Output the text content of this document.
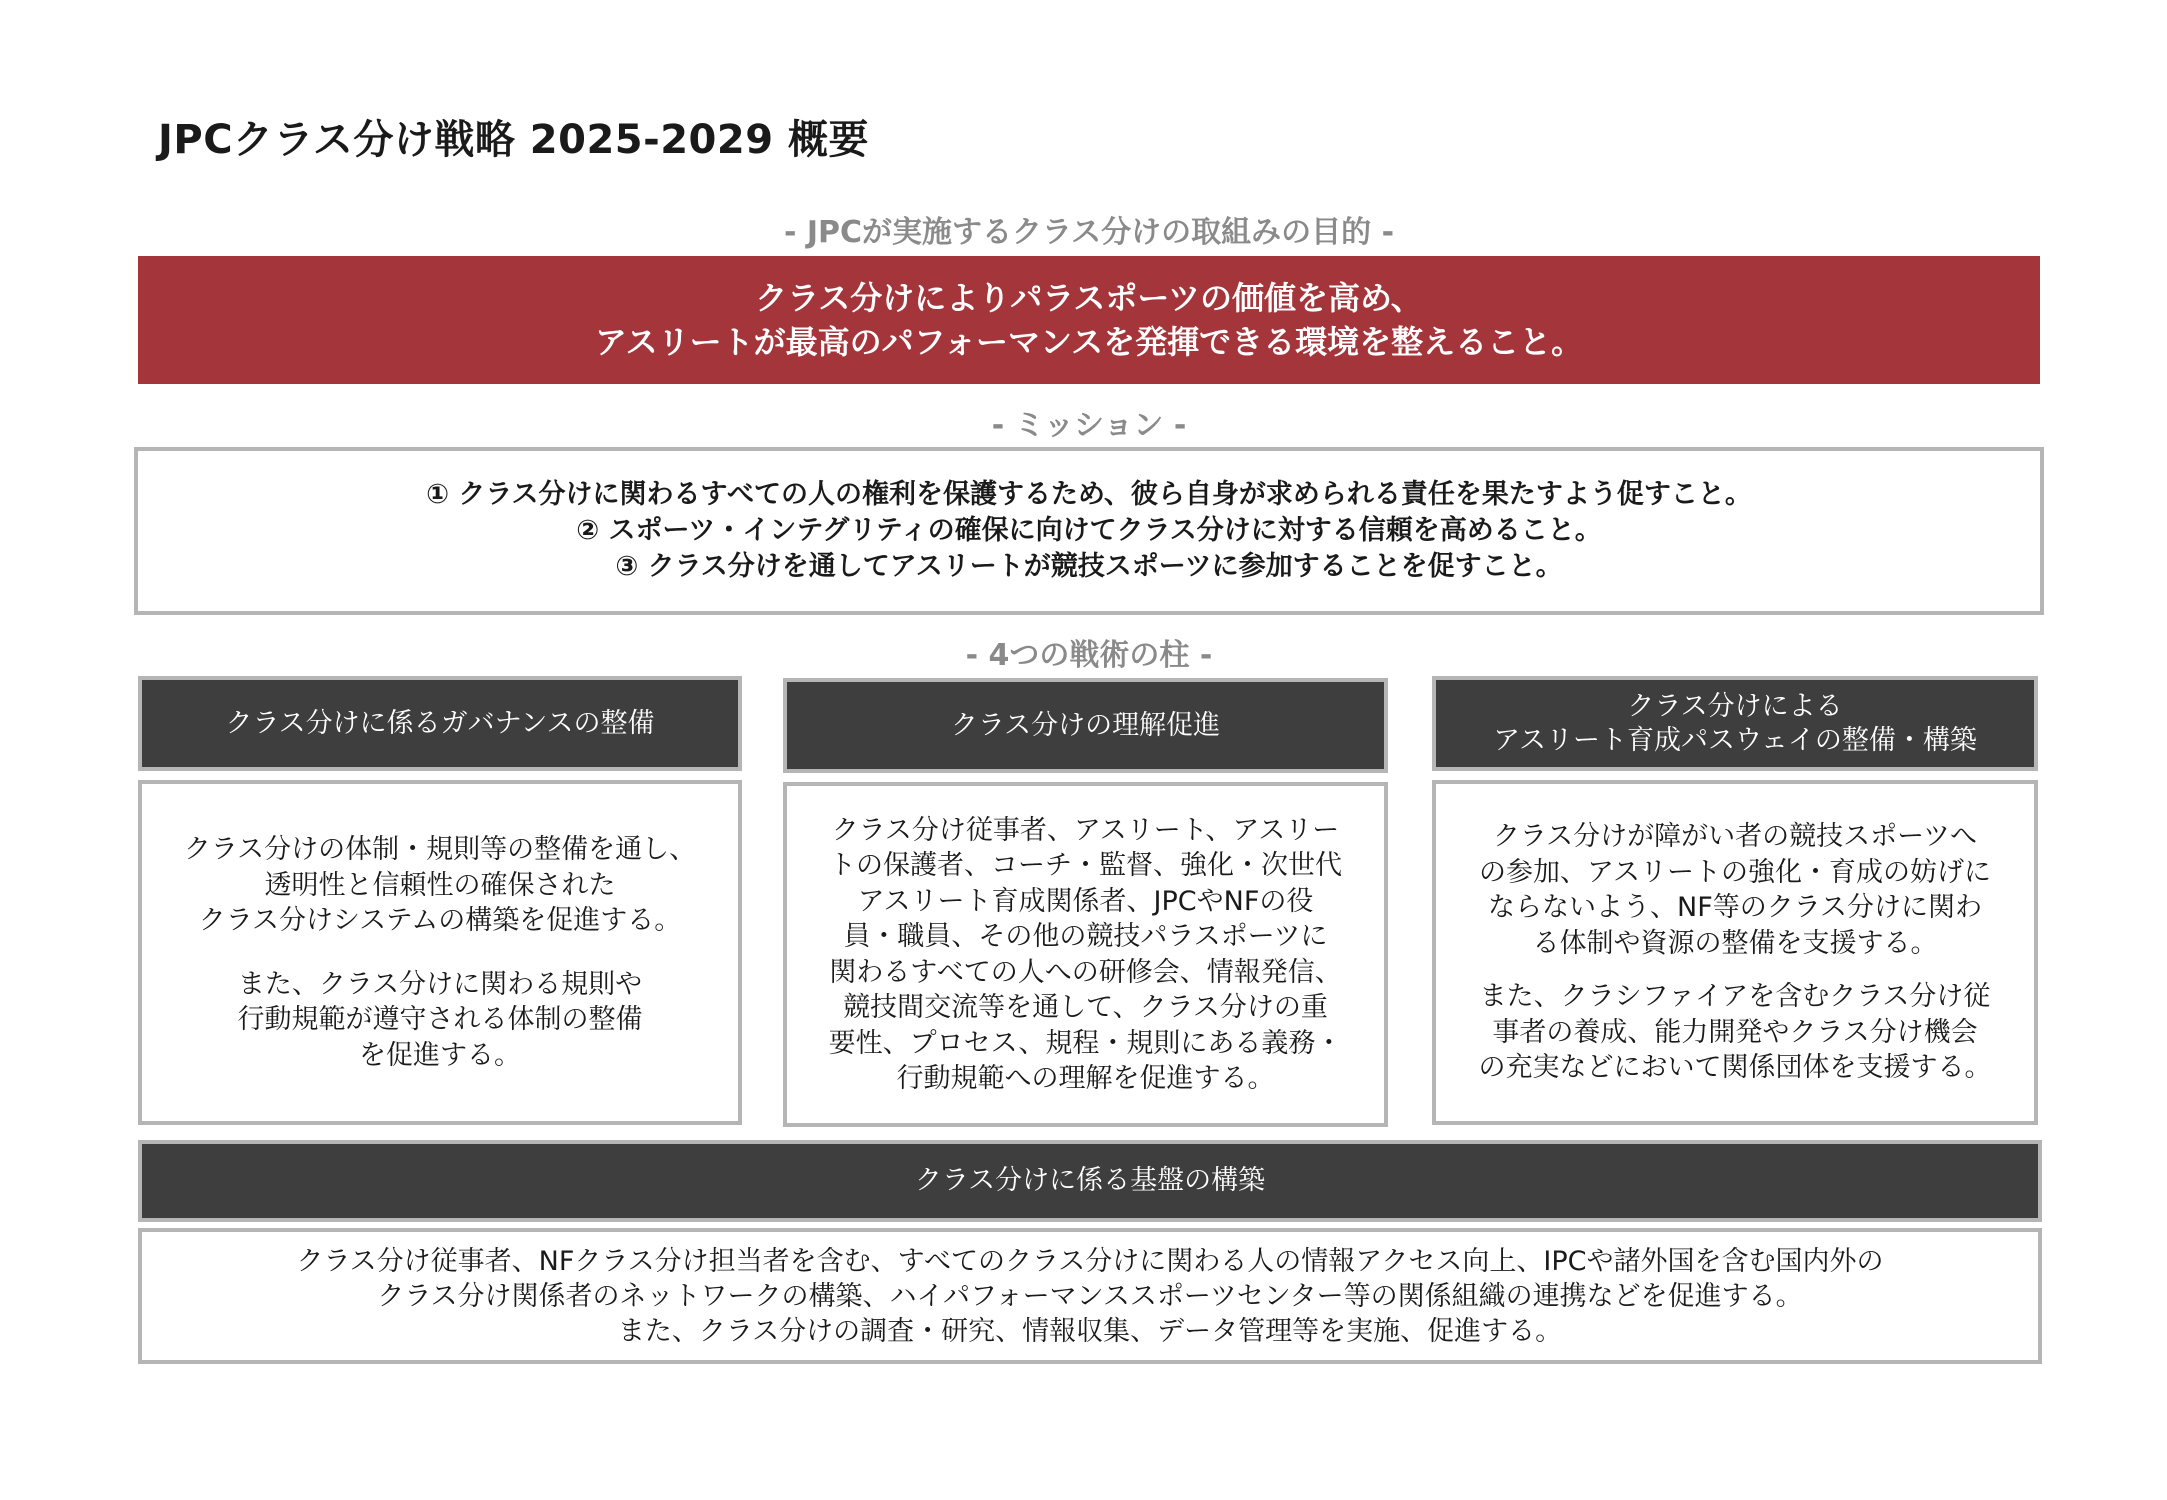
JPCクラス分け戦略 2025-2029 概要
- JPCが実施するクラス分けの取組みの目的 -
クラス分けによりパラスポーツの価値を高め、
アスリートが最高のパフォーマンスを発揮できる環境を整えること。
- ミッション -
① クラス分けに関わるすべての人の権利を保護するため、彼ら自身が求められる責任を果たすよう促すこと。
② スポーツ・インテグリティの確保に向けてクラス分けに対する信頼を高めること。
③ クラス分けを通してアスリートが競技スポーツに参加することを促すこと。
- 4つの戦術の柱 -
クラス分けに係るガバナンスの整備
クラス分けの体制・規則等の整備を通し、
透明性と信頼性の確保された
クラス分けシステムの構築を促進する。
また、クラス分けに関わる規則や
行動規範が遵守される体制の整備
を促進する。
クラス分けの理解促進
クラス分け従事者、アスリート、アスリー
トの保護者、コーチ・監督、強化・次世代
アスリート育成関係者、JPCやNFの役
員・職員、その他の競技パラスポーツに
関わるすべての人への研修会、情報発信、
競技間交流等を通して、クラス分けの重
要性、プロセス、規程・規則にある義務・
行動規範への理解を促進する。
クラス分けによる
アスリート育成パスウェイの整備・構築
クラス分けが障がい者の競技スポーツへ
の参加、アスリートの強化・育成の妨げに
ならないよう、NF等のクラス分けに関わ
る体制や資源の整備を支援する。
また、クラシファイアを含むクラス分け従
事者の養成、能力開発やクラス分け機会
の充実などにおいて関係団体を支援する。
クラス分けに係る基盤の構築
クラス分け従事者、NFクラス分け担当者を含む、すべてのクラス分けに関わる人の情報アクセス向上、IPCや諸外国を含む国内外の
クラス分け関係者のネットワークの構築、ハイパフォーマンススポーツセンター等の関係組織の連携などを促進する。
また、クラス分けの調査・研究、情報収集、データ管理等を実施、促進する。
